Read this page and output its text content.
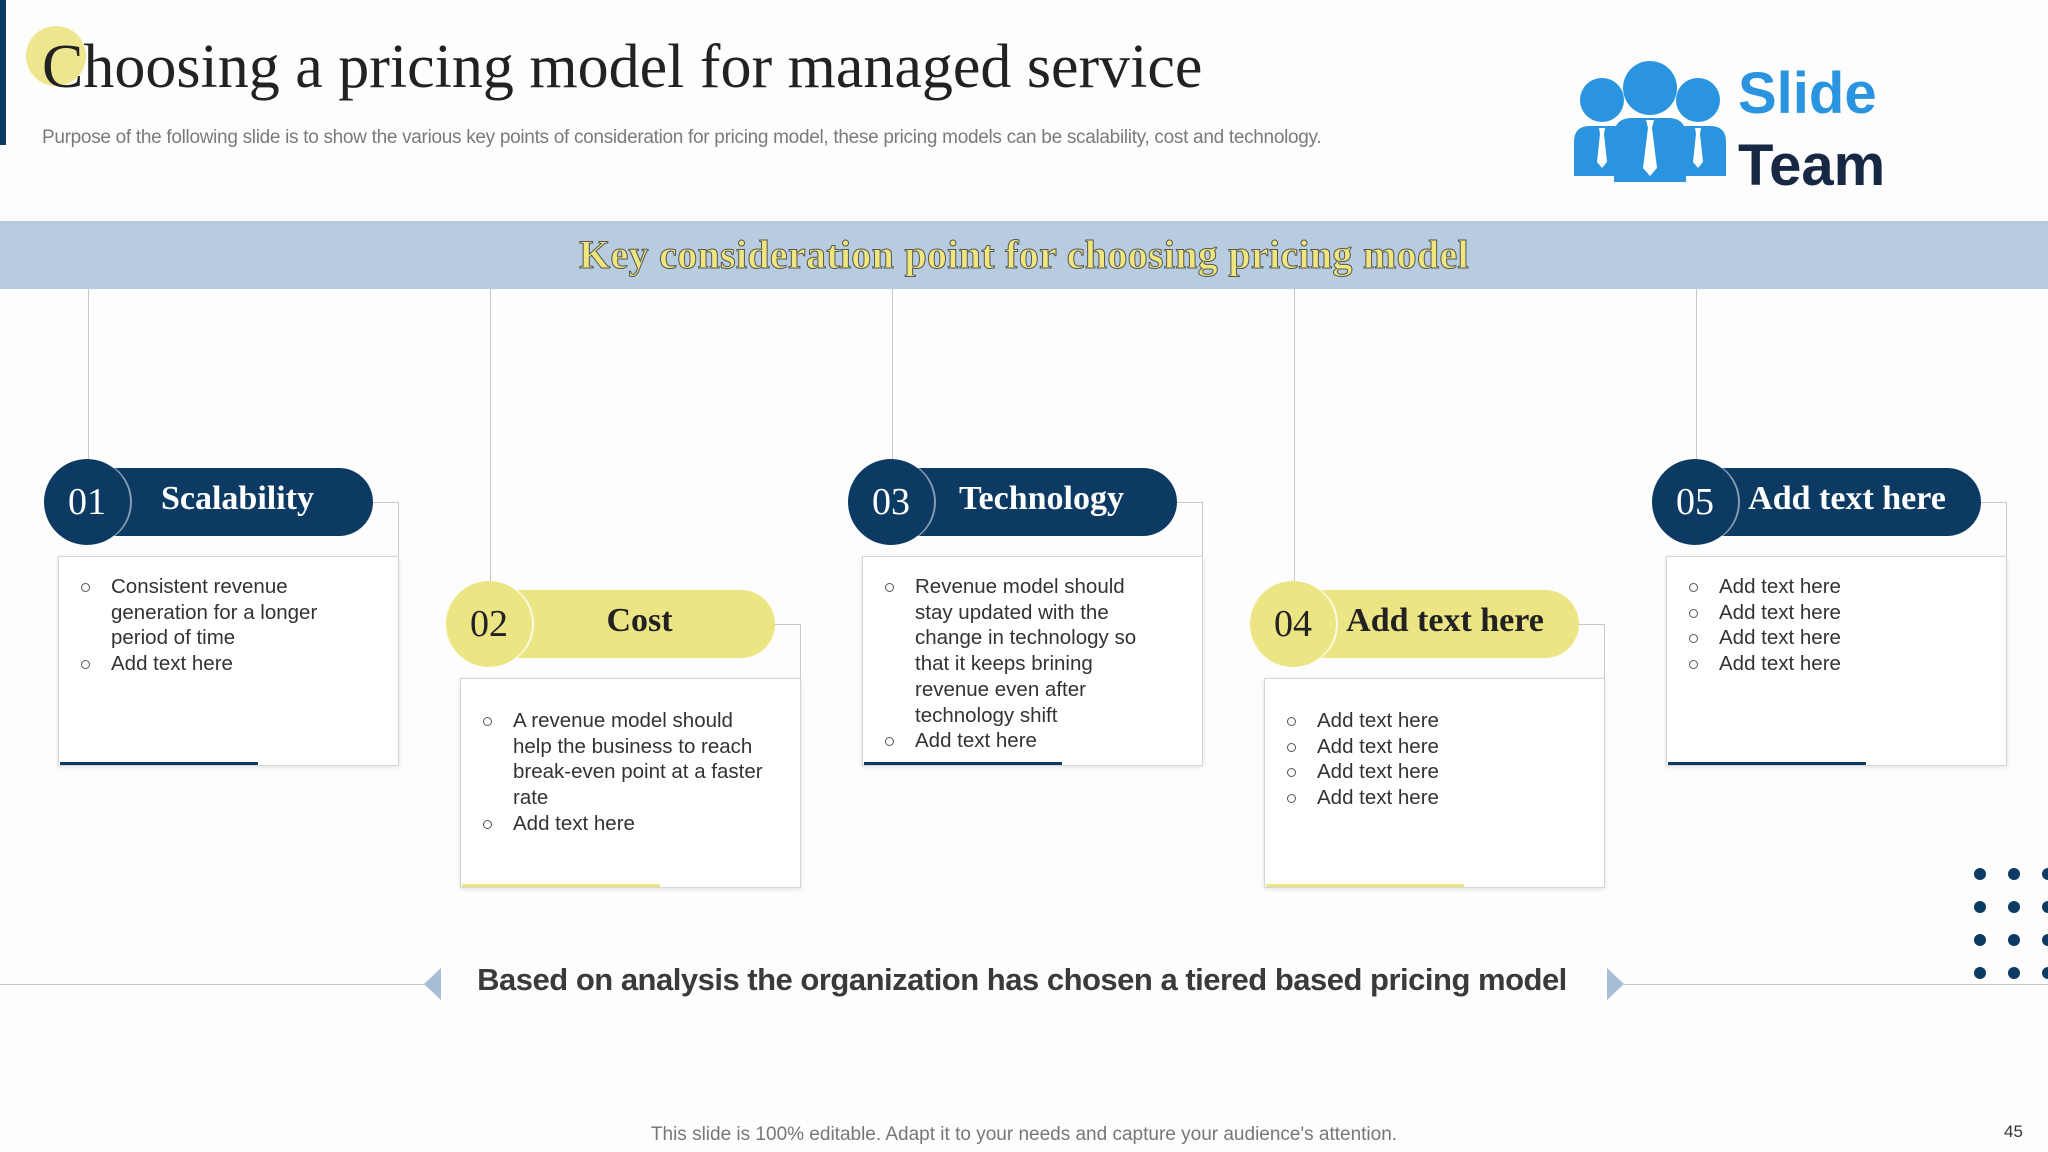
Choosing a pricing model for managed service
Purpose of the following slide is to show the various key points of consideration for pricing model, these pricing models can be scalability, cost and technology.
Slide
Team
Key consideration point for choosing pricing model
Consistent revenue generation for a longer period of time
Add text here
01	Scalability
A revenue model should help the business to reach break-even point at a faster rate
Add text here
02	Cost
Revenue model should stay updated with the change in technology so that it keeps brining revenue even after technology shift
Add text here
03	Technology
Add text here
Add text here
Add text here
Add text here
04	Add text here
Add text here
Add text here
Add text here
Add text here
05	Add text here
Based on analysis the organization has chosen a tiered based pricing model
This slide is 100% editable. Adapt it to your needs and capture your audience's attention.	45
